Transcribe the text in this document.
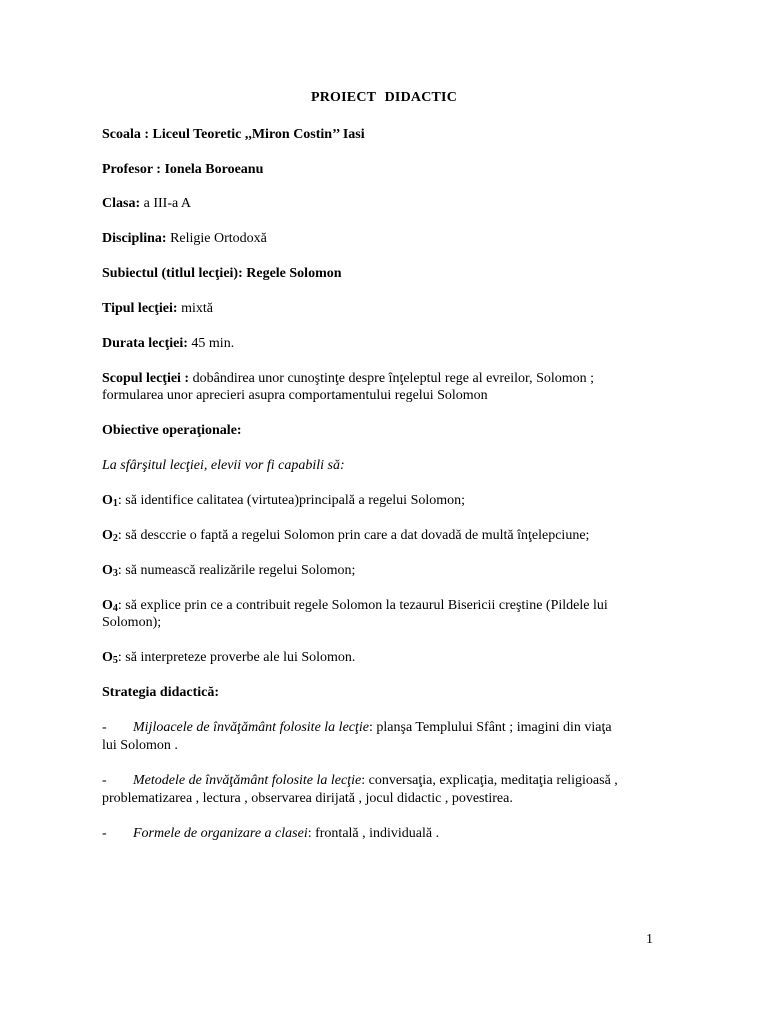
PROIECT DIDACTIC
Scoala : Liceul Teoretic ,,Miron Costin’’ Iasi
Profesor : Ionela Boroeanu
Clasa: a III-a A
Disciplina: Religie Ortodoxă
Subiectul (titlul lecţiei): Regele Solomon
Tipul lecţiei: mixtă
Durata lecţiei: 45 min.
Scopul lecţiei : dobândirea unor cunoştinţe despre înţeleptul rege al evreilor, Solomon ;
formularea unor aprecieri asupra comportamentului regelui Solomon
Obiective operaţionale:
La sfârşitul lecţiei, elevii vor fi capabili să:
$O_1$: să identifice calitatea (virtutea)principală a regelui Solomon;
$O_2$: să desccrie o faptă a regelui Solomon prin care a dat dovadă de multă înţelepciune;
$O_3$: să numească realizările regelui Solomon;
$O_4$: să explice prin ce a contribuit regele Solomon la tezaurul Bisericii creştine (Pildele lui
Solomon);
$O_5$: să interpreteze proverbe ale lui Solomon.
Strategia didactică:
- Mijloacele de învăţământ folosite la lecţie: planşa Templului Sfânt ; imagini din viaţa
lui Solomon .
- Metodele de învăţământ folosite la lecţie: conversaţia, explicaţia, meditaţia religioasă ,
problematizarea , lectura , observarea dirijată , jocul didactic , povestirea.
- Formele de organizare a clasei: frontală , individuală .
1
